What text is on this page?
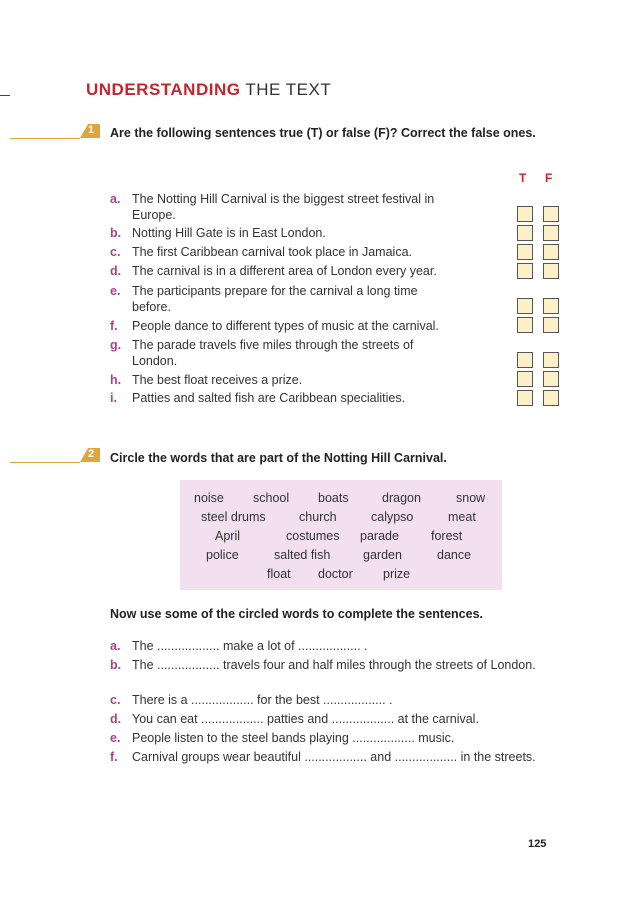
UNDERSTANDING THE TEXT
1 Are the following sentences true (T) or false (F)? Correct the false ones.
T F
a. The Notting Hill Carnival is the biggest street festival in Europe.
b. Notting Hill Gate is in East London.
c. The first Caribbean carnival took place in Jamaica.
d. The carnival is in a different area of London every year.
e. The participants prepare for the carnival a long time before.
f.	People dance to different types of music at the carnival.
g. The parade travels five miles through the streets of London.
h. The best float receives a prize.
i.	Patties and salted fish are Caribbean specialities.
2 Circle the words that are part of the Notting Hill Carnival.
noise school boats	dragon	snow
steel drums	church	calypso	meat
April	costumes parade	forest
police	salted fish	garden	dance
float doctor prize
Now use some of the circled words to complete the sentences.
a. The .................. make a lot of .................. .
b. The .................. travels four and half miles through the streets of London.
c. There is a .................. for the best .................. .
d. You can eat .................. patties and .................. at the carnival.
e. People listen to the steel bands playing .................. music.
f.	Carnival groups wear beautiful .................. and .................. in the streets.
125
